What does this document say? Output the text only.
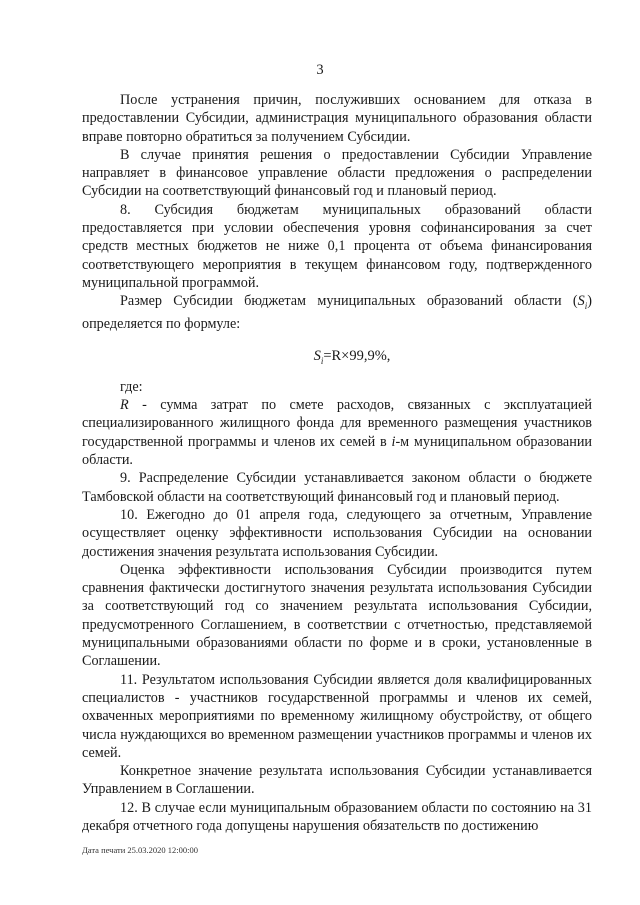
3

После устранения причин, послуживших основанием для отказа в предоставлении Субсидии, администрация муниципального образования области вправе повторно обратиться за получением Субсидии.

В случае принятия решения о предоставлении Субсидии Управление направляет в финансовое управление области предложения о распределении Субсидии на соответствующий финансовый год и плановый период.

8. Субсидия бюджетам муниципальных образований области предоставляется при условии обеспечения уровня софинансирования за счет средств местных бюджетов не ниже 0,1 процента от объема финансирования соответствующего мероприятия в текущем финансовом году, подтвержденного муниципальной программой.

Размер Субсидии бюджетам муниципальных образований области $(S_i)$ определяется по формуле:

$S_i=R\times 99,9\%$,

где:

R - сумма затрат по смете расходов, связанных с эксплуатацией специализированного жилищного фонда для временного размещения участников государственной программы и членов их семей в i-м муниципальном образовании области.

9. Распределение Субсидии устанавливается законом области о бюджете Тамбовской области на соответствующий финансовый год и плановый период.

10. Ежегодно до 01 апреля года, следующего за отчетным, Управление осуществляет оценку эффективности использования Субсидии на основании достижения значения результата использования Субсидии.

Оценка эффективности использования Субсидии производится путем сравнения фактически достигнутого значения результата использования Субсидии за соответствующий год со значением результата использования Субсидии, предусмотренного Соглашением, в соответствии с отчетностью, представляемой муниципальными образованиями области по форме и в сроки, установленные в Соглашении.

11. Результатом использования Субсидии является доля квалифицированных специалистов - участников государственной программы и членов их семей, охваченных мероприятиями по временному жилищному обустройству, от общего числа нуждающихся во временном размещении участников программы и членов их семей.

Конкретное значение результата использования Субсидии устанавливается Управлением в Соглашении.

12. В случае если муниципальным образованием области по состоянию на 31 декабря отчетного года допущены нарушения обязательств по достижению

Дата печати 25.03.2020 12:00:00
